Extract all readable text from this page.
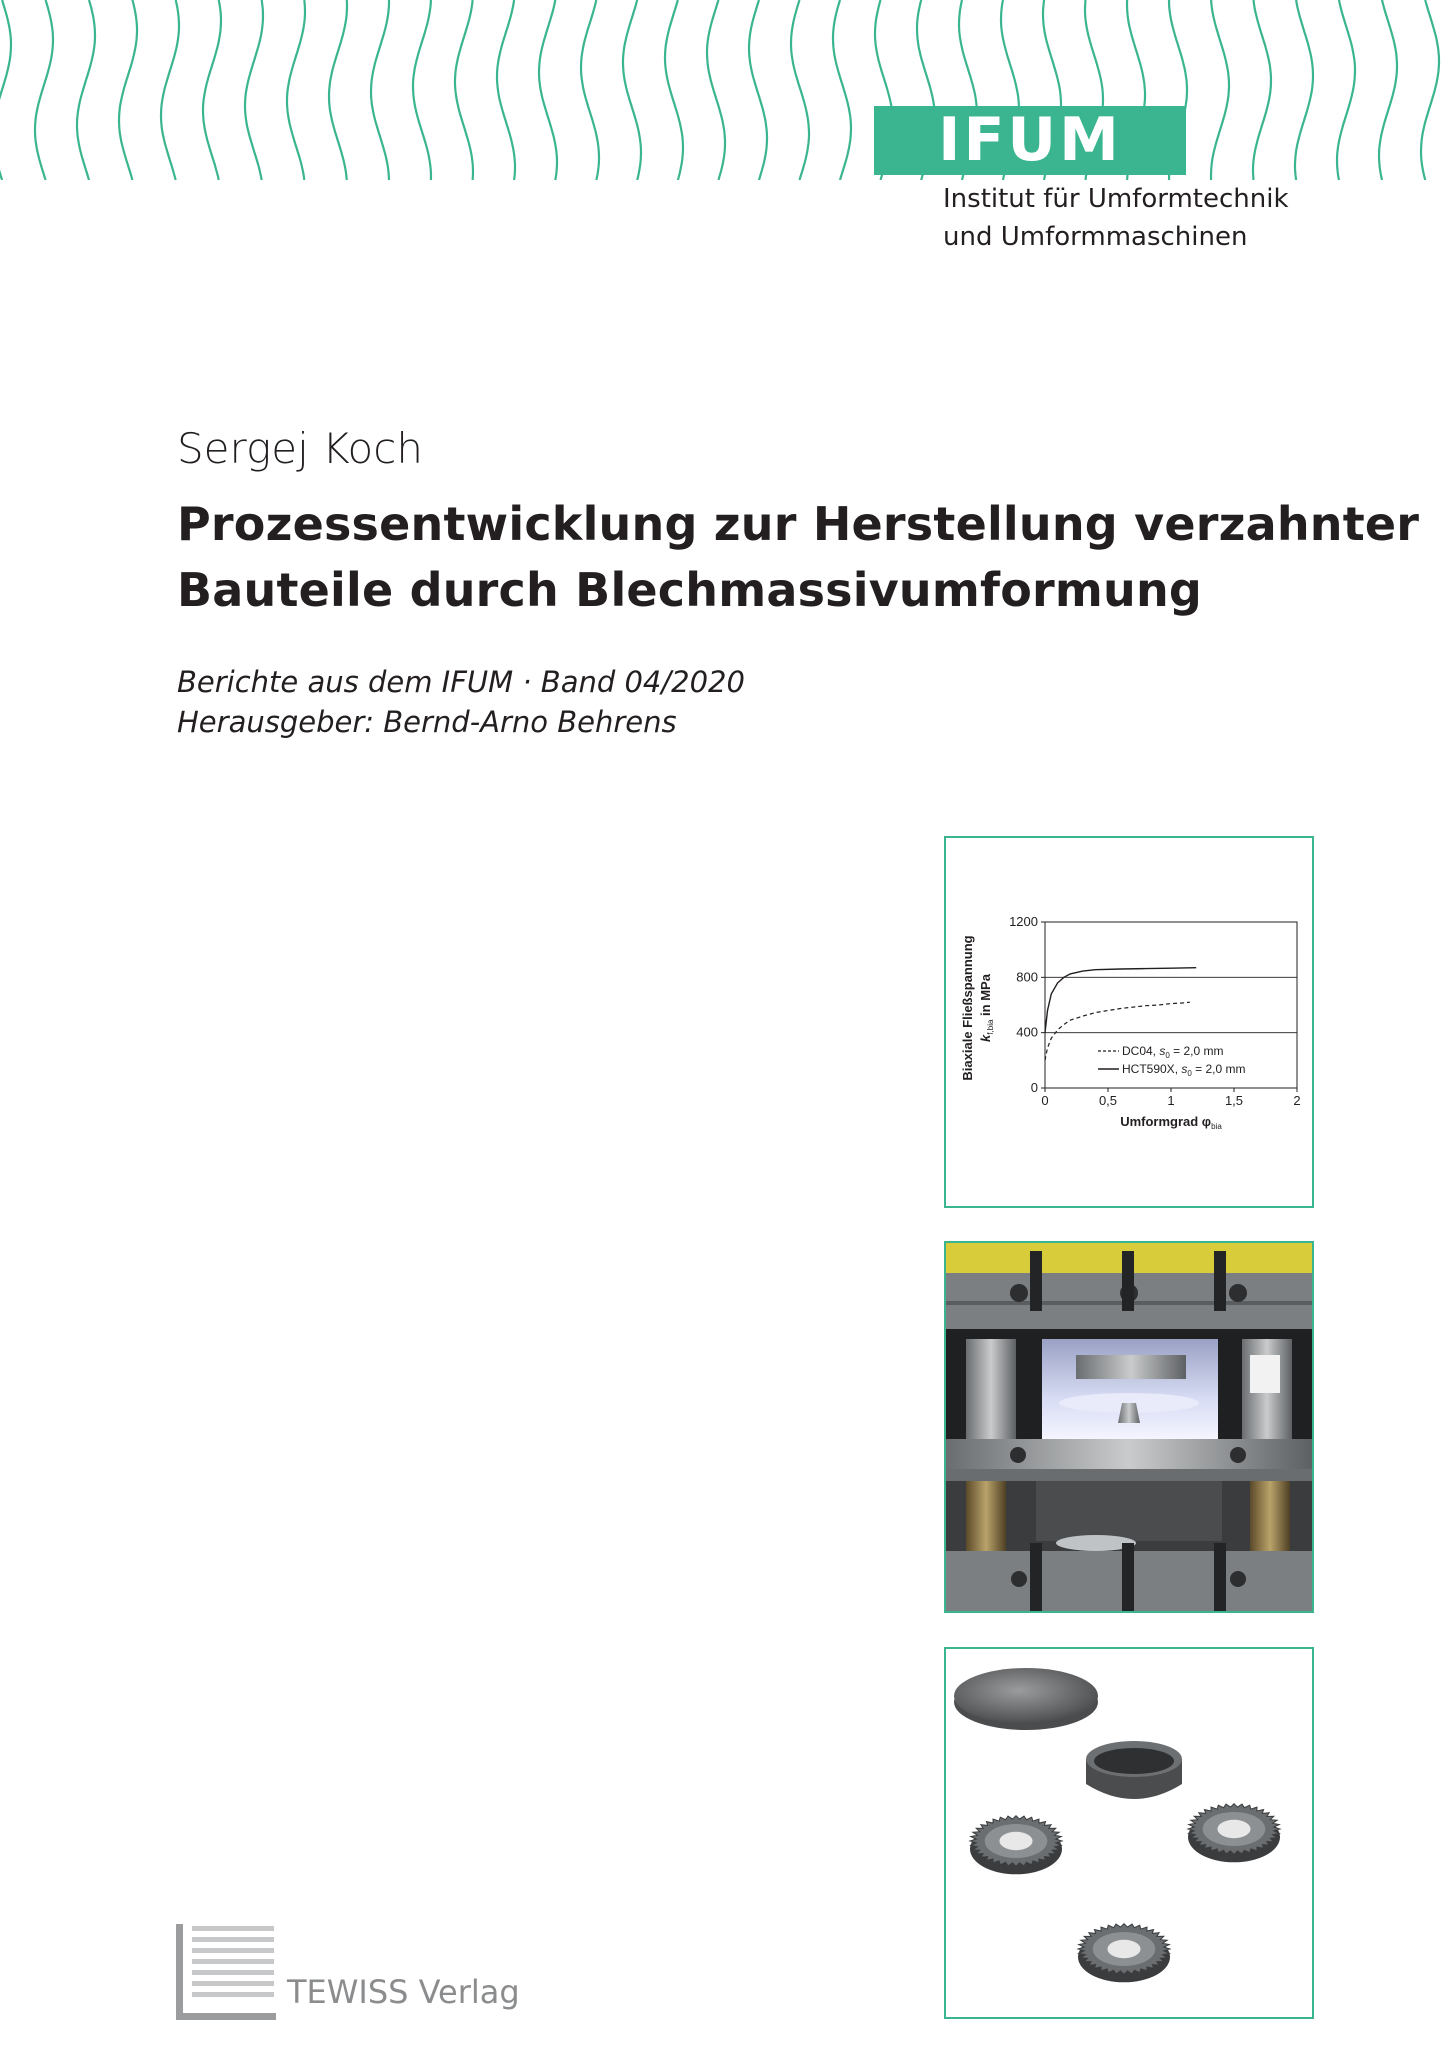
IFUM
Institut für Umformtechnik
und Umformmaschinen
Sergej Koch
Prozessentwicklung zur Herstellung verzahnter
Bauteile durch Blechmassivumformung
Berichte aus dem IFUM · Band 04/2020
Herausgeber: Bernd-Arno Behrens
0	0,5	1	1,5	2
0
400
800
1200
Biaxiale Fließspannung $k_{f,bia}$ in MPa
Umformgrad $\varphi_{bia}$
DC04, $s_0 = 2,0$ mm
HCT590X, $s_0 = 2,0$ mm
TEWISS Verlag
